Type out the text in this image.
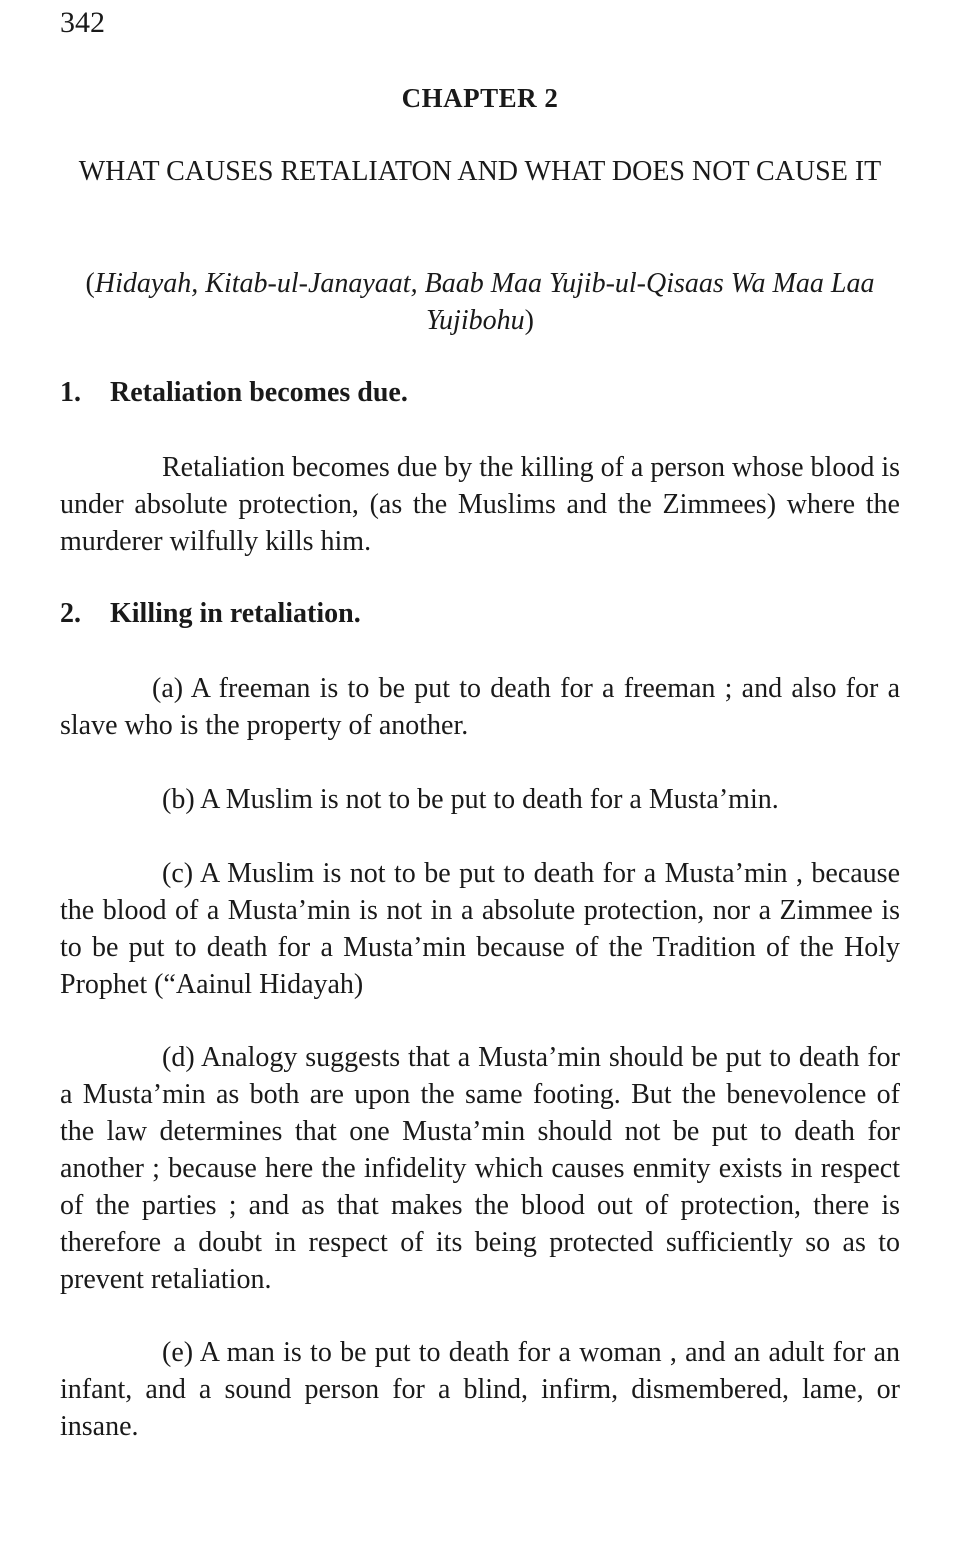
342
CHAPTER 2
WHAT CAUSES RETALIATON AND WHAT DOES NOT CAUSE IT
(Hidayah, Kitab-ul-Janayaat, Baab Maa Yujib-ul-Qisaas Wa Maa Laa Yujibohu)
1.	Retaliation becomes due.

Retaliation becomes due by the killing of a person whose blood is under absolute protection, (as the Muslims and the Zimmees) where the murderer wilfully kills him.

2.	Killing in retaliation.

(a) A freeman is to be put to death for a freeman ; and also for a slave who is the property of another.

(b) A Muslim is not to be put to death for a Musta’min.

(c) A Muslim is not to be put to death for a Musta’min , because the blood of a Musta’min is not in a absolute protection, nor a Zimmee is to be put to death for a Musta’min because of the Tradition of the Holy Prophet (“Aainul Hidayah)

(d) Analogy suggests that a Musta’min should be put to death for a Musta’min as both are upon the same footing. But the benevolence of the law determines that one Musta’min should not be put to death for another ; because here the infidelity which causes enmity exists in respect of the parties ; and as that makes the blood out of protection, there is therefore a doubt in respect of its being protected sufficiently so as to prevent retaliation.

(e) A man is to be put to death for a woman , and an adult for an infant, and a sound person for a blind, infirm, dismembered, lame, or insane.
